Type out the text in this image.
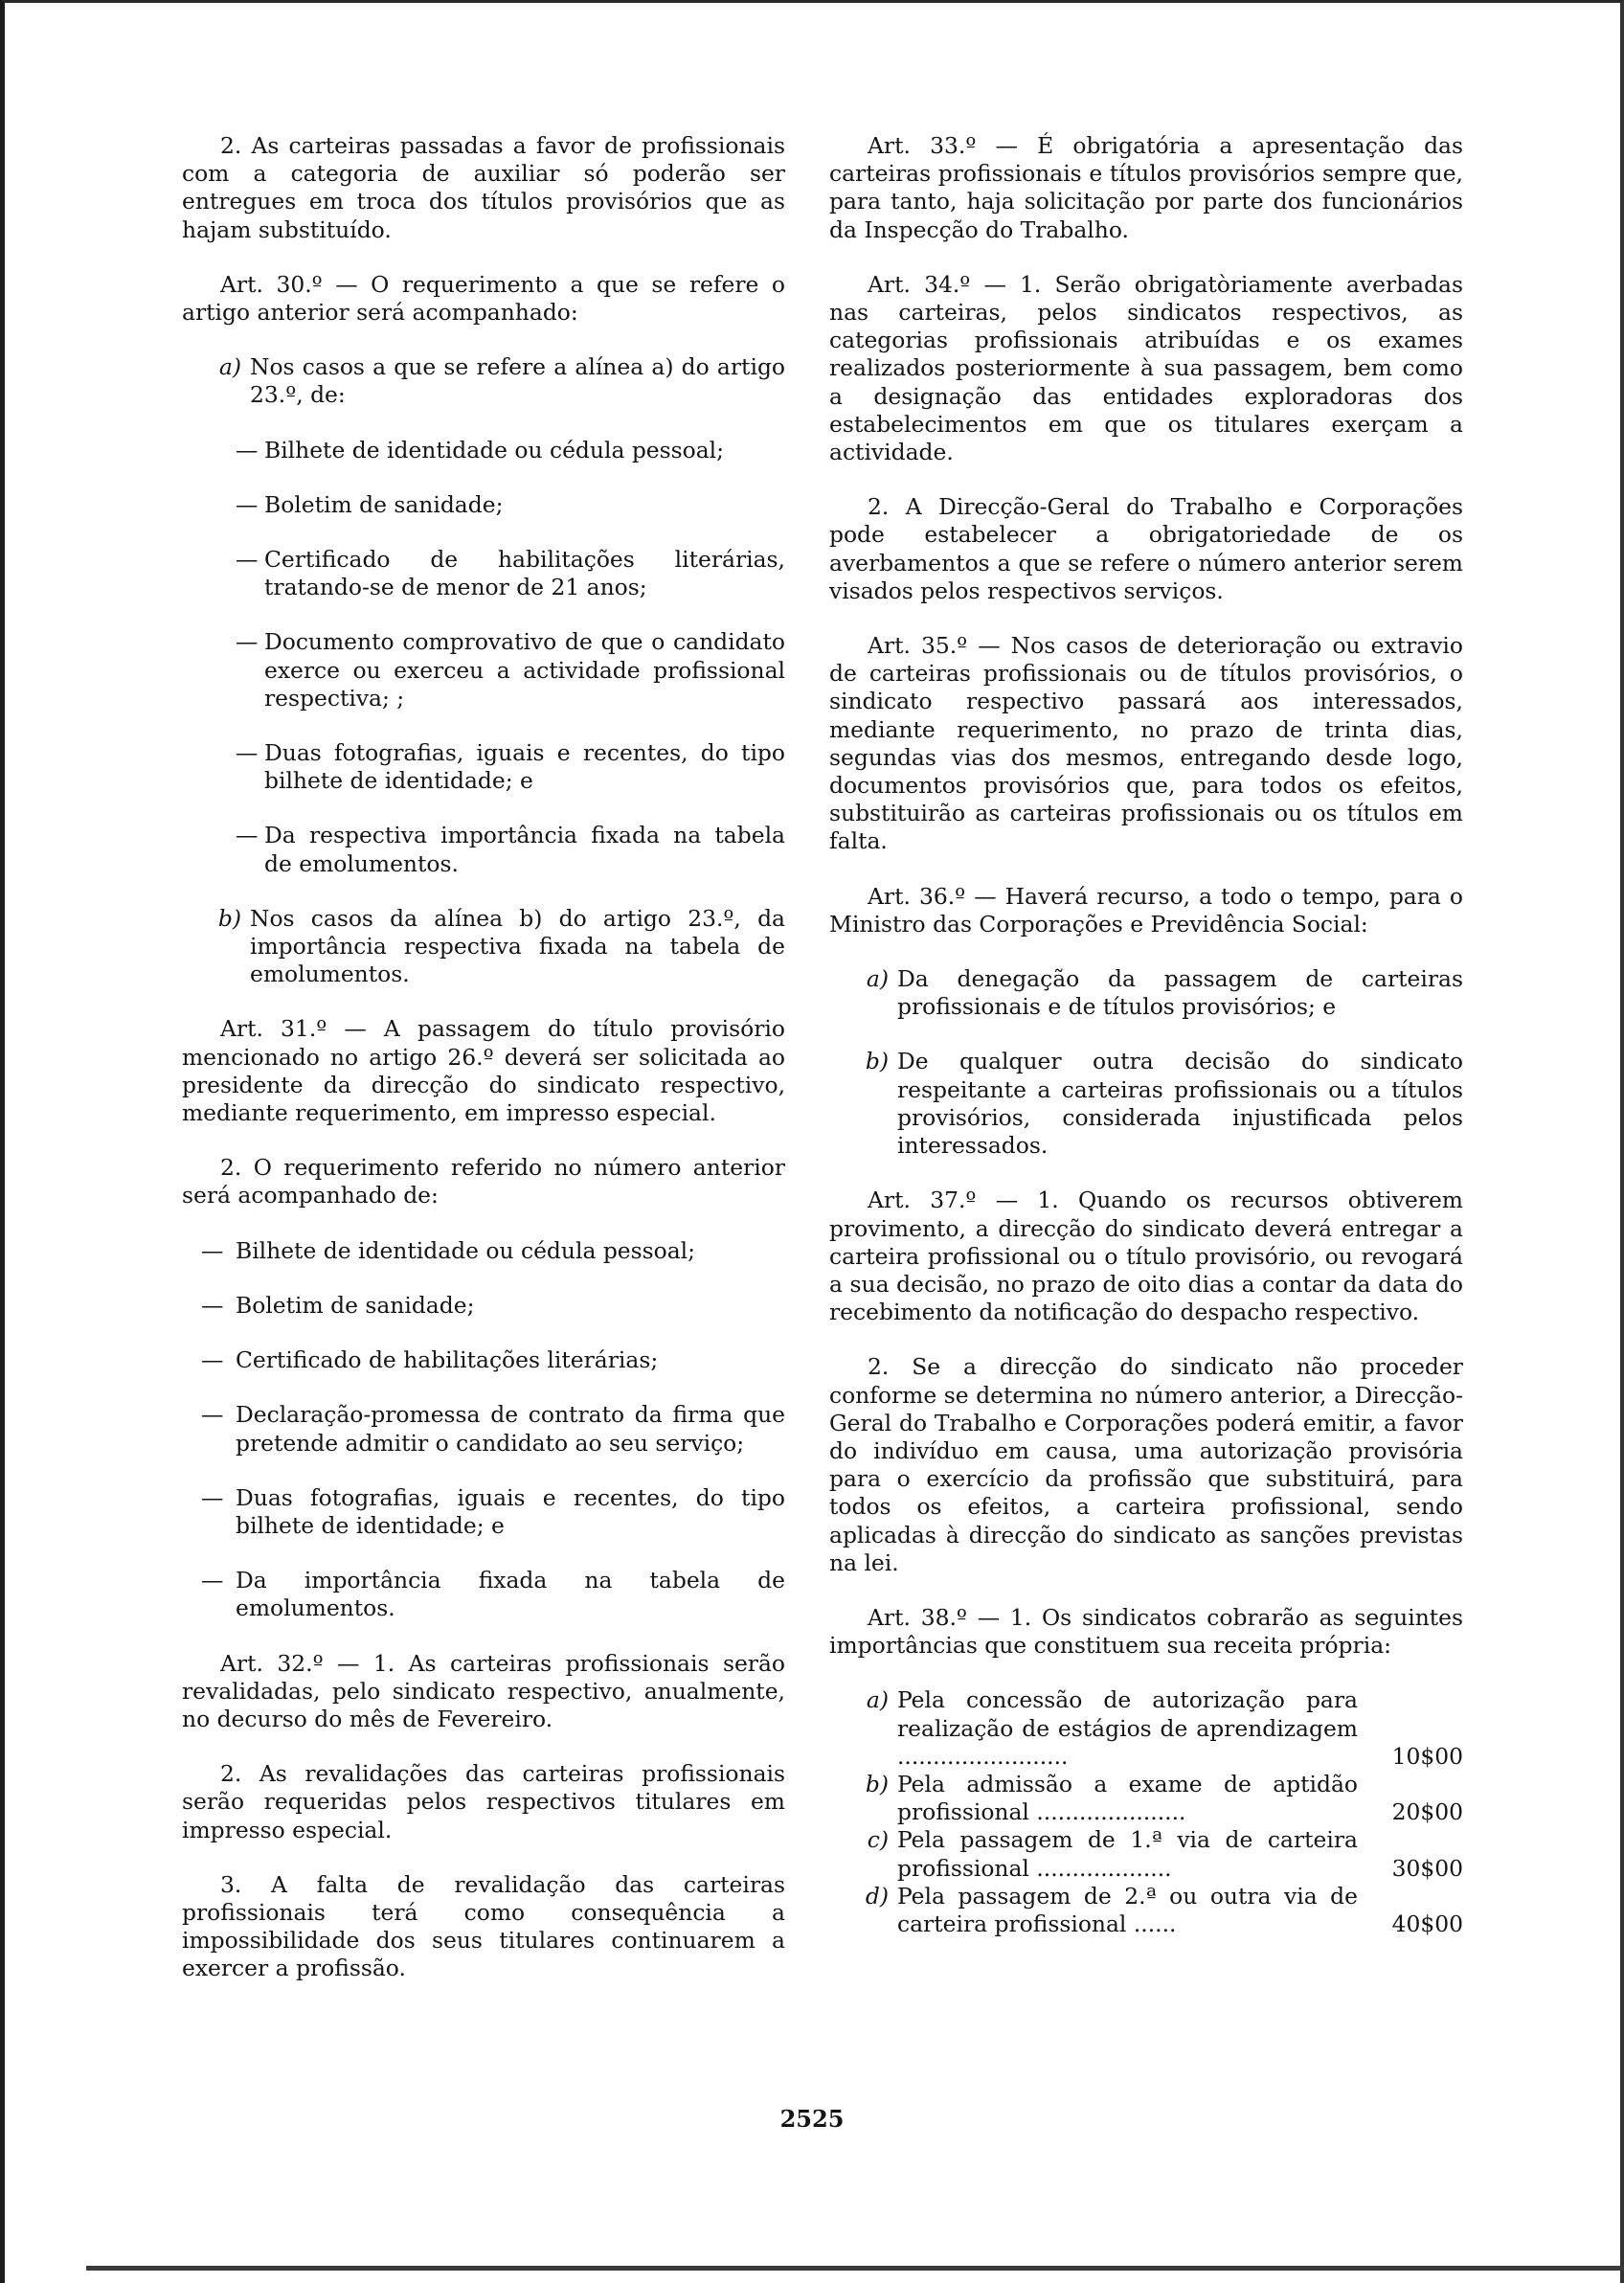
2. As carteiras passadas a favor de profissionais com a categoria de auxiliar só poderão ser entregues em troca dos títulos provisórios que as hajam substituído.

Art. 30.º — O requerimento a que se refere o artigo anterior será acompanhado:

a) Nos casos a que se refere a alínea a) do artigo 23.º, de:

— Bilhete de identidade ou cédula pessoal;

— Boletim de sanidade;

— Certificado de habilitações literárias, tratando-se de menor de 21 anos;

— Documento comprovativo de que o candidato exerce ou exerceu a actividade profissional respectiva; ;

— Duas fotografias, iguais e recentes, do tipo bilhete de identidade; e

— Da respectiva importância fixada na tabela de emolumentos.

b) Nos casos da alínea b) do artigo 23.º, da importância respectiva fixada na tabela de emolumentos.

Art. 31.º — A passagem do título provisório mencionado no artigo 26.º deverá ser solicitada ao presidente da direcção do sindicato respectivo, mediante requerimento, em impresso especial.

2. O requerimento referido no número anterior será acompanhado de:

— Bilhete de identidade ou cédula pessoal;

— Boletim de sanidade;

— Certificado de habilitações literárias;

— Declaração-promessa de contrato da firma que pretende admitir o candidato ao seu serviço;

— Duas fotografias, iguais e recentes, do tipo bilhete de identidade; e

— Da importância fixada na tabela de emolumentos.

Art. 32.º — 1. As carteiras profissionais serão revalidadas, pelo sindicato respectivo, anualmente, no decurso do mês de Fevereiro.

2. As revalidações das carteiras profissionais serão requeridas pelos respectivos titulares em impresso especial.

3. A falta de revalidação das carteiras profissionais terá como consequência a impossibilidade dos seus titulares continuarem a exercer a profissão.

Art. 33.º — É obrigatória a apresentação das carteiras profissionais e títulos provisórios sempre que, para tanto, haja solicitação por parte dos funcionários da Inspecção do Trabalho.

Art. 34.º — 1. Serão obrigatòriamente averbadas nas carteiras, pelos sindicatos respectivos, as categorias profissionais atribuídas e os exames realizados posteriormente à sua passagem, bem como a designação das entidades exploradoras dos estabelecimentos em que os titulares exerçam a actividade.

2. A Direcção-Geral do Trabalho e Corporações pode estabelecer a obrigatoriedade de os averbamentos a que se refere o número anterior serem visados pelos respectivos serviços.

Art. 35.º — Nos casos de deterioração ou extravio de carteiras profissionais ou de títulos provisórios, o sindicato respectivo passará aos interessados, mediante requerimento, no prazo de trinta dias, segundas vias dos mesmos, entregando desde logo, documentos provisórios que, para todos os efeitos, substituirão as carteiras profissionais ou os títulos em falta.

Art. 36.º — Haverá recurso, a todo o tempo, para o Ministro das Corporações e Previdência Social:

a) Da denegação da passagem de carteiras profissionais e de títulos provisórios; e

b) De qualquer outra decisão do sindicato respeitante a carteiras profissionais ou a títulos provisórios, considerada injustificada pelos interessados.

Art. 37.º — 1. Quando os recursos obtiverem provimento, a direcção do sindicato deverá entregar a carteira profissional ou o título provisório, ou revogará a sua decisão, no prazo de oito dias a contar da data do recebimento da notificação do despacho respectivo.

2. Se a direcção do sindicato não proceder conforme se determina no número anterior, a Direcção-Geral do Trabalho e Corporações poderá emitir, a favor do indivíduo em causa, uma autorização provisória para o exercício da profissão que substituirá, para todos os efeitos, a carteira profissional, sendo aplicadas à direcção do sindicato as sanções previstas na lei.

Art. 38.º — 1. Os sindicatos cobrarão as seguintes importâncias que constituem sua receita própria:

a)	Pela concessão de autorização para realização de estágios de aprendizagem ........................	10$00
b)	Pela admissão a exame de aptidão profissional .....................	20$00
c)	Pela passagem de 1.ª via de carteira profissional ...................	30$00
d)	Pela passagem de 2.ª ou outra via de carteira profissional ......	40$00
2525
